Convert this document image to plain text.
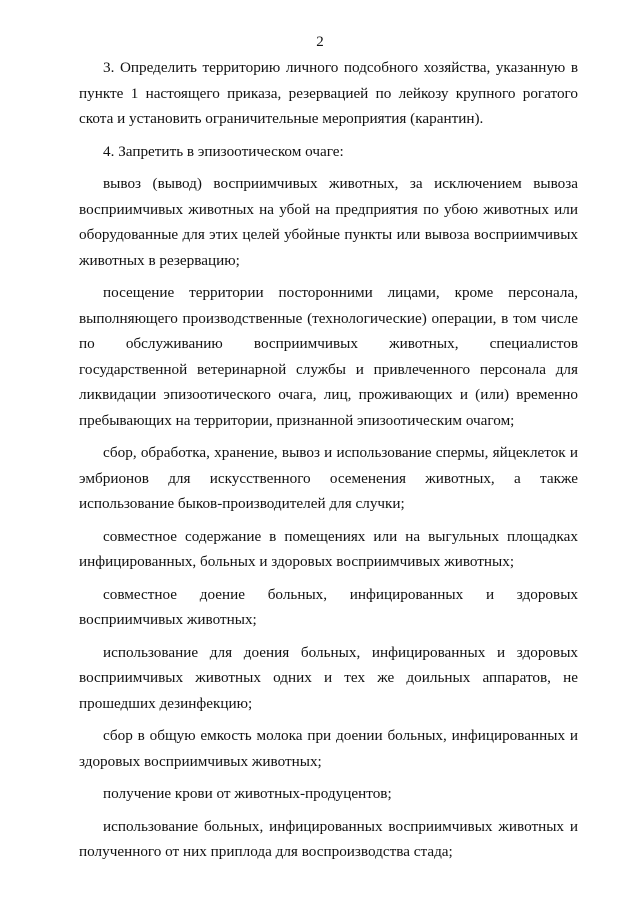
2

3. Определить территорию личного подсобного хозяйства, указанную в пункте 1 настоящего приказа, резервацией по лейкозу крупного рогатого скота и установить ограничительные мероприятия (карантин).

4. Запретить в эпизоотическом очаге:

вывоз (вывод) восприимчивых животных, за исключением вывоза восприимчивых животных на убой на предприятия по убою животных или оборудованные для этих целей убойные пункты или вывоза восприимчивых животных в резервацию;

посещение территории посторонними лицами, кроме персонала, выполняющего производственные (технологические) операции, в том числе по обслуживанию восприимчивых животных, специалистов государственной ветеринарной службы и привлеченного персонала для ликвидации эпизоотического очага, лиц, проживающих и (или) временно пребывающих на территории, признанной эпизоотическим очагом;

сбор, обработка, хранение, вывоз и использование спермы, яйцеклеток и эмбрионов для искусственного осеменения животных, а также использование быков-производителей для случки;

совместное содержание в помещениях или на выгульных площадках инфицированных, больных и здоровых восприимчивых животных;

совместное доение больных, инфицированных и здоровых восприимчивых животных;

использование для доения больных, инфицированных и здоровых восприимчивых животных одних и тех же доильных аппаратов, не прошедших дезинфекцию;

сбор в общую емкость молока при доении больных, инфицированных и здоровых восприимчивых животных;

получение крови от животных-продуцентов;

использование больных, инфицированных восприимчивых животных и полученного от них приплода для воспроизводства стада;
